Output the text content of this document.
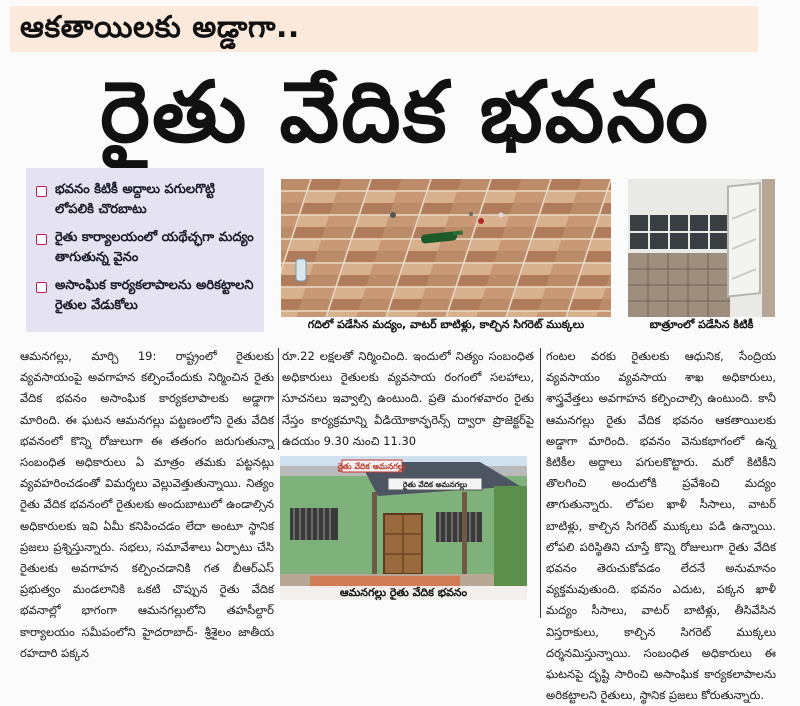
ఆకతాయిలకు అడ్డాగా..
రైతు వేదిక భవనం
భవనం కిటికీ అద్దాలు పగులగొట్టి లోపలికి చొరబాటు
రైతు కార్యాలయంలో యథేచ్ఛగా మద్యం తాగుతున్న వైనం
అసాంఘిక కార్యకలాపాలను అరికట్టాలని రైతుల వేడుకోలు
గదిలో పడేసిన మద్యం, వాటర్ బాటిళ్లు, కాల్చిన సిగరెట్ ముక్కలు	బాత్రూంలో పడేసిన కిటికీ
రైతు వేదిక అమనగల్లు
రైతు వేదిక అమనగల్లు
ఆమనగల్లు రైతు వేదిక భవనం

ఆమనగల్లు, మార్చి 19: రాష్ట్రంలో రైతులకు వ్యవసాయంపై అవగాహన కల్పించేందుకు నిర్మించిన రైతు వేదిక భవనం అసాంఘిక కార్యకలాపాలకు అడ్డాగా మారింది. ఈ ఘటన ఆమనగల్లు పట్టణంలోని రైతు వేదిక భవనంలో కొన్ని రోజులుగా ఈ తతంగం జరుగుతున్నా సంబంధిత అధికారులు ఏ మాత్రం తమకు పట్టనట్లు వ్యవహరించడంతో విమర్శలు వెల్లువెత్తుతున్నాయి. నిత్యం రైతు వేదిక భవనంలో రైతులకు అందుబాటులో ఉండాల్సిన అధికారులకు ఇవి ఏమీ కనిపించడం లేదా అంటూ స్థానిక ప్రజలు ప్రశ్నిస్తున్నారు. సభలు, సమావేశాలు ఏర్పాటు చేసి రైతులకు అవగాహన కల్పించడానికి గత బీఆర్ఎస్ ప్రభుత్వం మండలానికి ఒకటి చొప్పున రైతు వేదిక భవనాల్లో భాగంగా ఆమనగల్లులోని తహసీల్దార్ కార్యాలయం సమీపంలోని హైదరాబాద్- శ్రీశైలం జాతీయ రహదారి పక్కన

రూ.22 లక్షలతో నిర్మించింది. ఇందులో నిత్యం సంబంధిత అధికారులు రైతులకు వ్యవసాయ రంగంలో సలహాలు, సూచనలు ఇవ్వాల్సి ఉంటుంది. ప్రతి మంగళవారం రైతు నేస్తం కార్యక్రమాన్ని వీడియోకాన్ఫరెన్స్ ద్వారా ప్రొజెక్టర్‌పై ఉదయం 9.30 నుంచి 11.30

గంటల వరకు రైతులకు ఆధునిక, సేంద్రియ వ్యవసాయం వ్యవసాయ శాఖ అధికారులు, శాస్త్రవేత్తలు అవగాహన కల్పించాల్సి ఉంటుంది. కానీ ఆమనగల్లు రైతు వేదిక భవనం ఆకతాయిలకు అడ్డాగా మారింది. భవనం వెనుకభాగంలో ఉన్న కిటికీల అద్దాలు పగులకొట్టారు. మరో కిటికీని తొలగించి అందులోకి ప్రవేశించి మద్యం తాగుతున్నారు. లోపల ఖాళీ సీసాలు, వాటర్ బాటిళ్లు, కాల్చిన సిగరెట్ ముక్కలు పడి ఉన్నాయి. లోపలి పరిస్థితిని చూస్తే కొన్ని రోజులుగా రైతు వేదిక భవనం తెరుచుకోవడం లేదనే అనుమానం వ్యక్తమవుతుంది. భవనం ఎదుట, పక్కన ఖాళీ మద్యం సీసాలు, వాటర్ బాటిళ్లు, తీసివేసిన విస్తరాకులు, కాల్చిన సిగరెట్ ముక్కలు దర్శనమిస్తున్నాయి. సంబంధిత అధికారులు ఈ ఘటనపై దృష్టి సారించి అసాంఘిక కార్యకలాపాలను అరికట్టాలని రైతులు, స్థానిక ప్రజలు కోరుతున్నారు.
